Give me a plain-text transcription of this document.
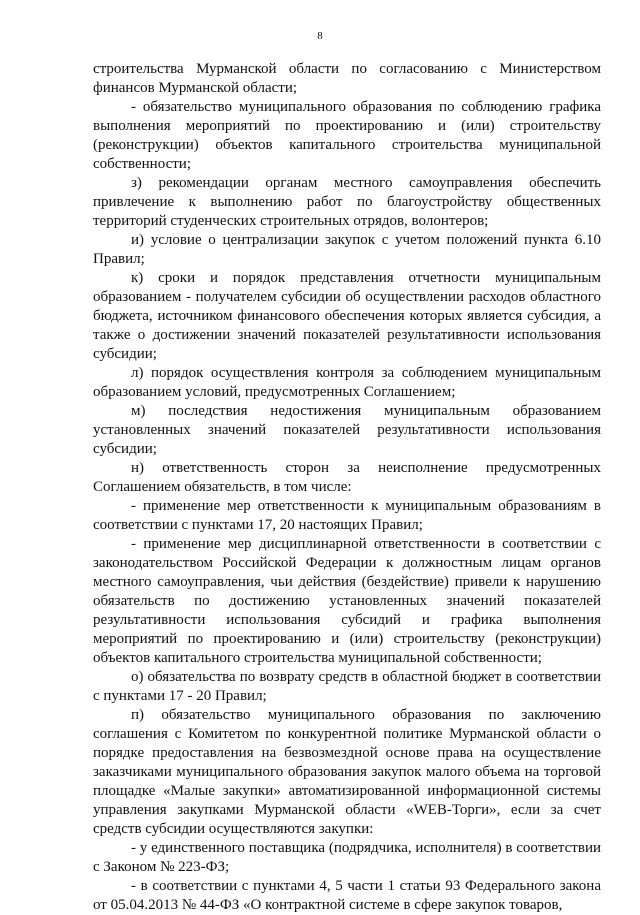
8

строительства Мурманской области по согласованию с Министерством финансов Мурманской области;

- обязательство муниципального образования по соблюдению графика выполнения мероприятий по проектированию и (или) строительству (реконструкции) объектов капитального строительства муниципальной собственности;

з) рекомендации органам местного самоуправления обеспечить привлечение к выполнению работ по благоустройству общественных территорий студенческих строительных отрядов, волонтеров;

и) условие о централизации закупок с учетом положений пункта 6.10 Правил;

к) сроки и порядок представления отчетности муниципальным образованием - получателем субсидии об осуществлении расходов областного бюджета, источником финансового обеспечения которых является субсидия, а также о достижении значений показателей результативности использования субсидии;

л) порядок осуществления контроля за соблюдением муниципальным образованием условий, предусмотренных Соглашением;

м) последствия недостижения муниципальным образованием установленных значений показателей результативности использования субсидии;

н) ответственность сторон за неисполнение предусмотренных Соглашением обязательств, в том числе:

- применение мер ответственности к муниципальным образованиям в соответствии с пунктами 17, 20 настоящих Правил;

- применение мер дисциплинарной ответственности в соответствии с законодательством Российской Федерации к должностным лицам органов местного самоуправления, чьи действия (бездействие) привели к нарушению обязательств по достижению установленных значений показателей результативности использования субсидий и графика выполнения мероприятий по проектированию и (или) строительству (реконструкции) объектов капитального строительства муниципальной собственности;

о) обязательства по возврату средств в областной бюджет в соответствии с пунктами 17 - 20 Правил;

п) обязательство муниципального образования по заключению соглашения с Комитетом по конкурентной политике Мурманской области о порядке предоставления на безвозмездной основе права на осуществление заказчиками муниципального образования закупок малого объема на торговой площадке «Малые закупки» автоматизированной информационной системы управления закупками Мурманской области «WEB-Торги», если за счет средств субсидии осуществляются закупки:

- у единственного поставщика (подрядчика, исполнителя) в соответствии с Законом № 223-ФЗ;

- в соответствии с пунктами 4, 5 части 1 статьи 93 Федерального закона от 05.04.2013 № 44-ФЗ «О контрактной системе в сфере закупок товаров,
